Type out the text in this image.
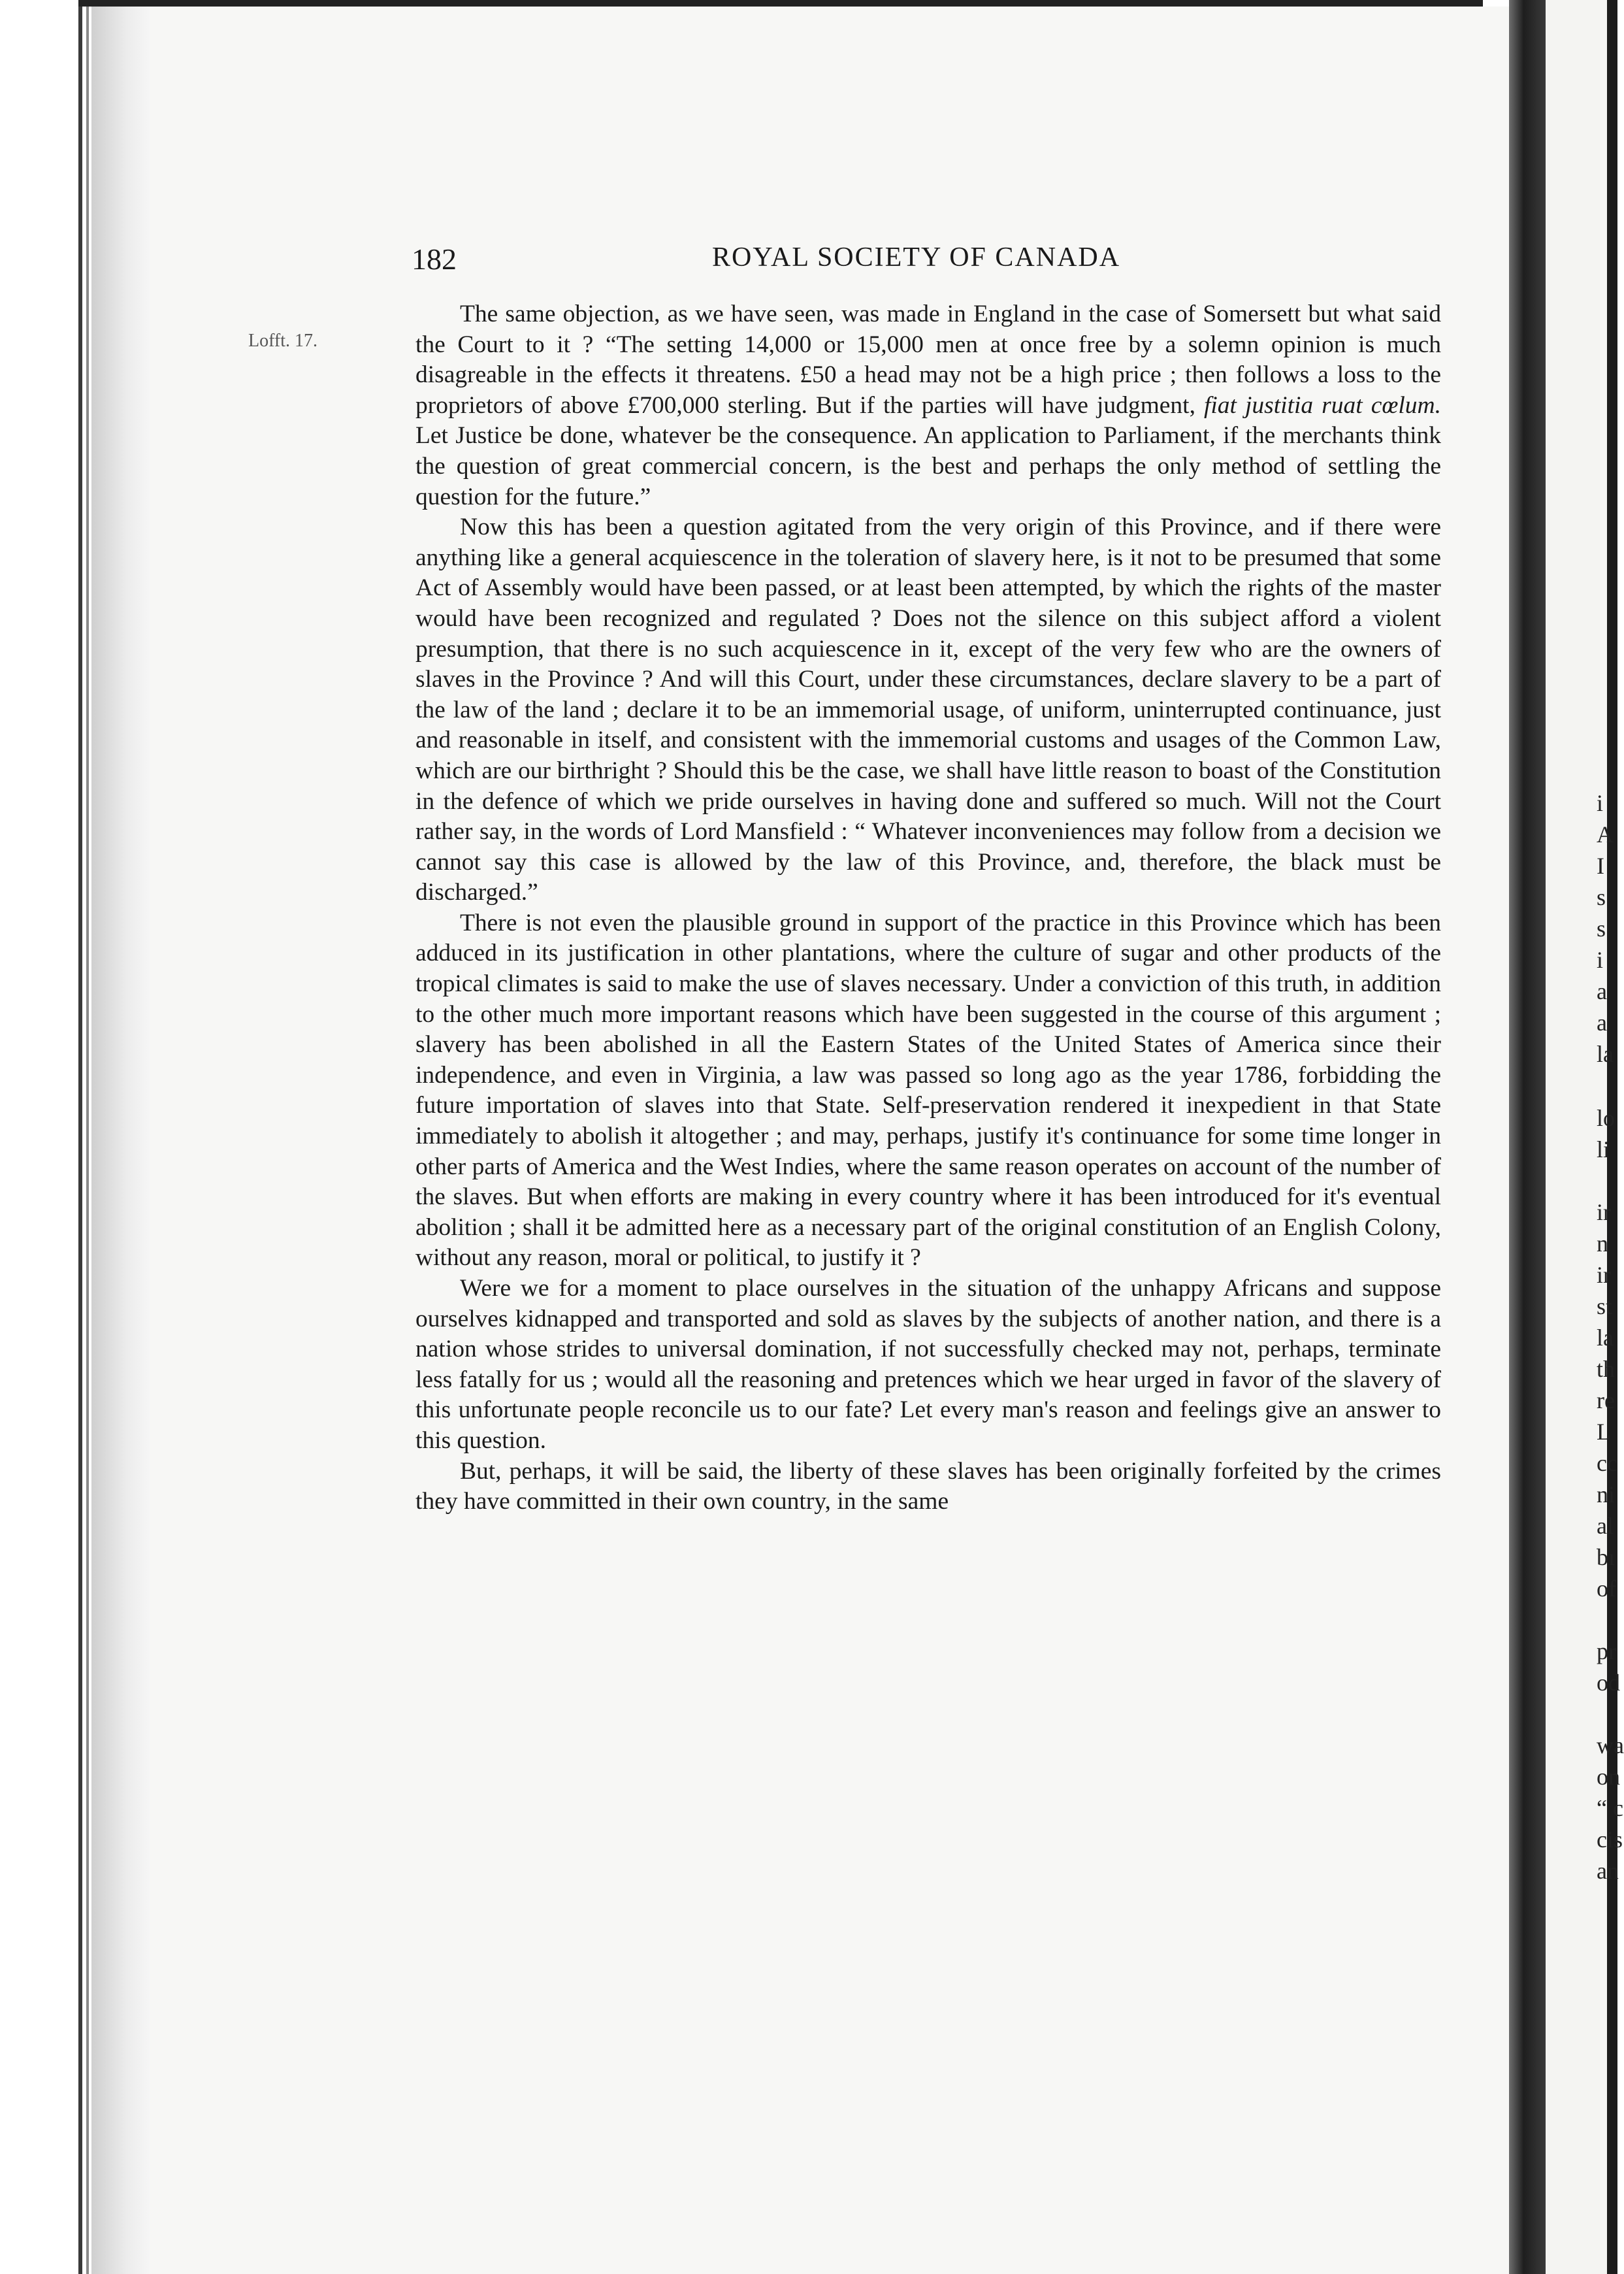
Lofft. 17.
182	ROYAL SOCIETY OF CANADA

The same objection, as we have seen, was made in England in the case of Somersett but what said the Court to it ? “The setting 14,000 or 15,000 men at once free by a solemn opinion is much disagreable in the effects it threatens. £50 a head may not be a high price ; then follows a loss to the proprietors of above £700,000 sterling. But if the parties will have judgment, fiat justitia ruat cœlum. Let Justice be done, whatever be the consequence. An application to Parliament, if the merchants think the question of great commercial concern, is the best and perhaps the only method of settling the question for the future.”

Now this has been a question agitated from the very origin of this Province, and if there were anything like a general acquiescence in the toleration of slavery here, is it not to be presumed that some Act of Assembly would have been passed, or at least been attempted, by which the rights of the master would have been recognized and regulated ? Does not the silence on this subject afford a violent presumption, that there is no such acquiescence in it, except of the very few who are the owners of slaves in the Province ? And will this Court, under these circumstances, declare slavery to be a part of the law of the land ; declare it to be an immemorial usage, of uniform, uninterrupted continuance, just and reasonable in itself, and consistent with the immemorial customs and usages of the Common Law, which are our birthright ? Should this be the case, we shall have little reason to boast of the Constitution in the defence of which we pride ourselves in having done and suffered so much. Will not the Court rather say, in the words of Lord Mansfield : “ Whatever inconveniences may follow from a decision we cannot say this case is allowed by the law of this Province, and, therefore, the black must be discharged.”

There is not even the plausible ground in support of the practice in this Province which has been adduced in its justification in other plantations, where the culture of sugar and other products of the tropical climates is said to make the use of slaves necessary. Under a conviction of this truth, in addition to the other much more important reasons which have been suggested in the course of this argument ; slavery has been abolished in all the Eastern States of the United States of America since their independence, and even in Virginia, a law was passed so long ago as the year 1786, forbidding the future importation of slaves into that State. Self-preservation rendered it inexpedient in that State immediately to abolish it altogether ; and may, perhaps, justify it's continuance for some time longer in other parts of America and the West Indies, where the same reason operates on account of the number of the slaves. But when efforts are making in every country where it has been introduced for it's eventual abolition ; shall it be admitted here as a necessary part of the original constitution of an English Colony, without any reason, moral or political, to justify it ?

Were we for a moment to place ourselves in the situation of the unhappy Africans and suppose ourselves kidnapped and transported and sold as slaves by the subjects of another nation, and there is a nation whose strides to universal domination, if not successfully checked may not, perhaps, terminate less fatally for us ; would all the reasoning and pretences which we hear urged in favor of the slavery of this unfortunate people reconcile us to our fate? Let every man's reason and feelings give an answer to this question.

But, perhaps, it will be said, the liberty of these slaves has been originally forfeited by the crimes they have committed in their own country, in the same

i
A
I
s
s
i
a
a
la
lo
li
ir
n
ir
st
la
th
re
L
cc
ni
al
bı
of
pr
od
wa
on
“ c
cis
an
